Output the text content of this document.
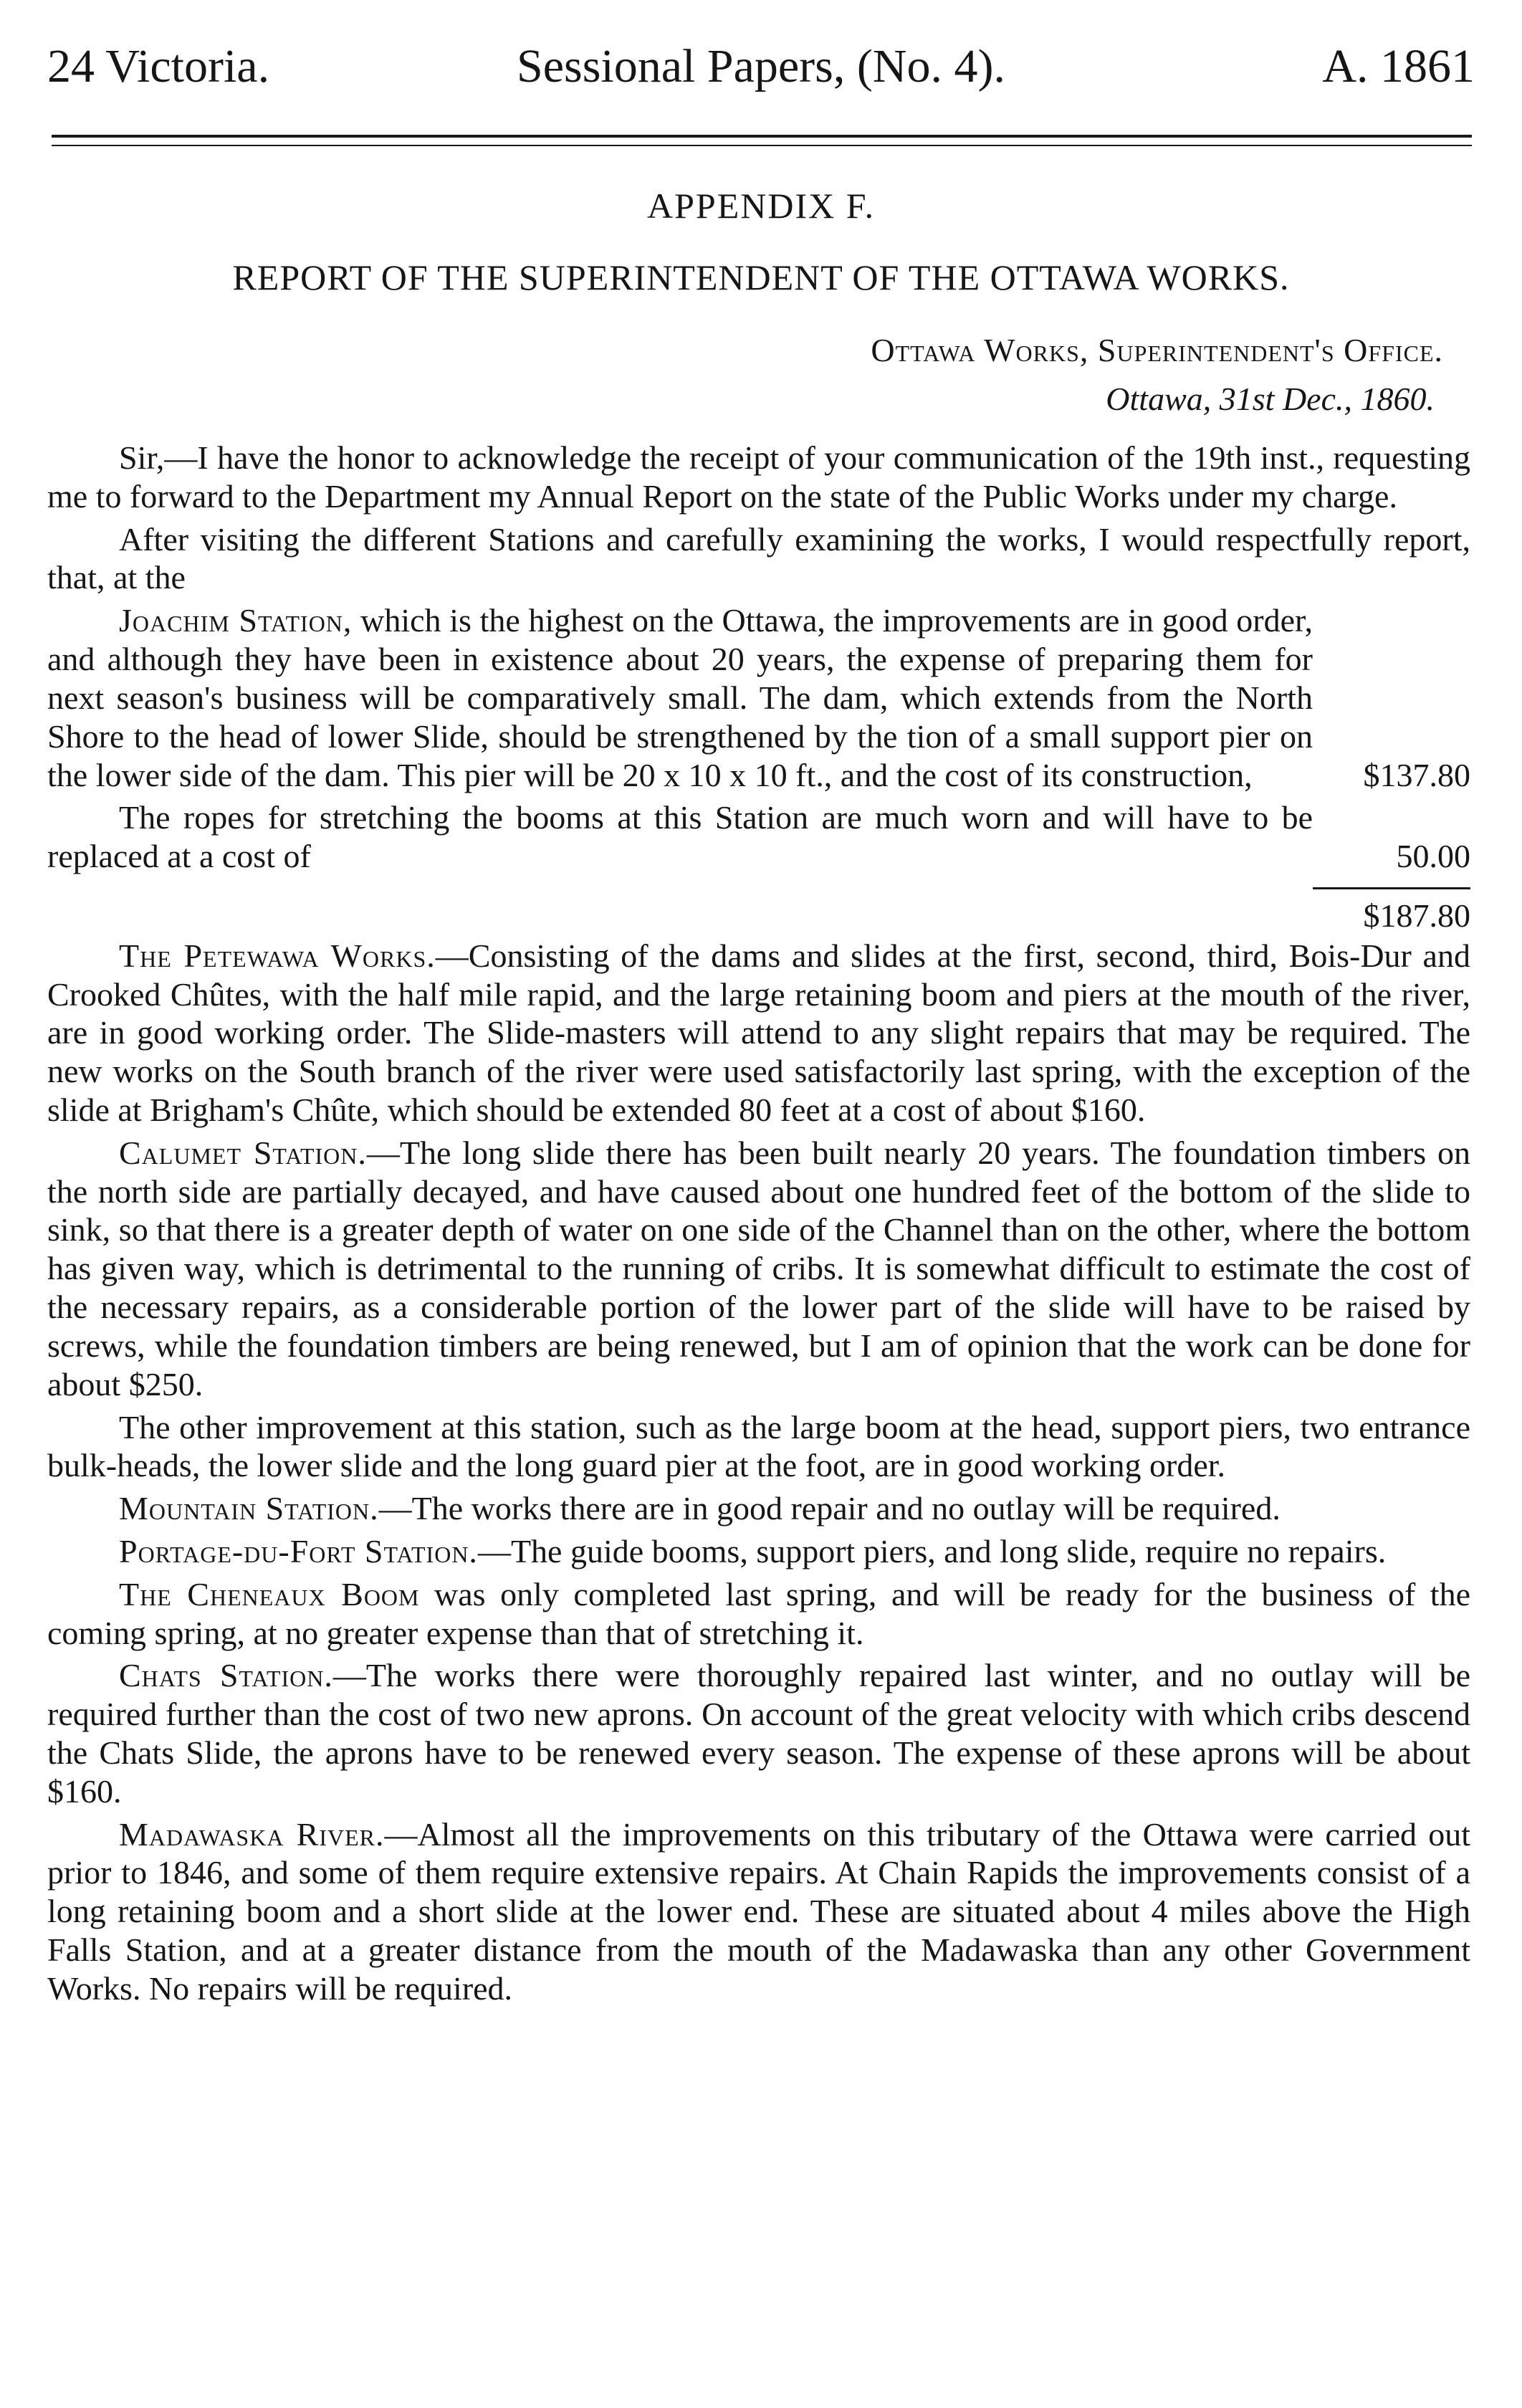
24 Victoria.	Sessional Papers, (No. 4).	A. 1861
APPENDIX F.
REPORT OF THE SUPERINTENDENT OF THE OTTAWA WORKS.
Ottawa Works, Superintendent's Office.
Ottawa, 31st Dec., 1860.

Sir,—I have the honor to acknowledge the receipt of your communication of the 19th inst., requesting me to forward to the Department my Annual Report on the state of the Public Works under my charge.

After visiting the different Stations and carefully examining the works, I would respectfully report, that, at the

Joachim Station, which is the highest on the Ottawa, the improvements are in good order, and although they have been in existence about 20 years, the expense of preparing them for next season's business will be comparatively small. The dam, which extends from the North Shore to the head of lower Slide, should be strengthened by the tion of a small support pier on the lower side of the dam. This pier will be 20 x 10 x 10 ft., and the cost of its construction,	$137.80

The ropes for stretching the booms at this Station are much worn and will have to be replaced at a cost of	50.00

$187.80

The Petewawa Works.—Consisting of the dams and slides at the first, second, third, Bois-Dur and Crooked Chûtes, with the half mile rapid, and the large retaining boom and piers at the mouth of the river, are in good working order. The Slide-masters will attend to any slight repairs that may be required. The new works on the South branch of the river were used satisfactorily last spring, with the exception of the slide at Brigham's Chûte, which should be extended 80 feet at a cost of about $160.

Calumet Station.—The long slide there has been built nearly 20 years. The foundation timbers on the north side are partially decayed, and have caused about one hundred feet of the bottom of the slide to sink, so that there is a greater depth of water on one side of the Channel than on the other, where the bottom has given way, which is detrimental to the running of cribs. It is somewhat difficult to estimate the cost of the necessary repairs, as a considerable portion of the lower part of the slide will have to be raised by screws, while the foundation timbers are being renewed, but I am of opinion that the work can be done for about $250.

The other improvement at this station, such as the large boom at the head, support piers, two entrance bulk-heads, the lower slide and the long guard pier at the foot, are in good working order.

Mountain Station.—The works there are in good repair and no outlay will be required.

Portage-du-Fort Station.—The guide booms, support piers, and long slide, require no repairs.

The Cheneaux Boom was only completed last spring, and will be ready for the business of the coming spring, at no greater expense than that of stretching it.

Chats Station.—The works there were thoroughly repaired last winter, and no outlay will be required further than the cost of two new aprons. On account of the great velocity with which cribs descend the Chats Slide, the aprons have to be renewed every season. The expense of these aprons will be about $160.

Madawaska River.—Almost all the improvements on this tributary of the Ottawa were carried out prior to 1846, and some of them require extensive repairs. At Chain Rapids the improvements consist of a long retaining boom and a short slide at the lower end. These are situated about 4 miles above the High Falls Station, and at a greater distance from the mouth of the Madawaska than any other Government Works. No repairs will be required.
